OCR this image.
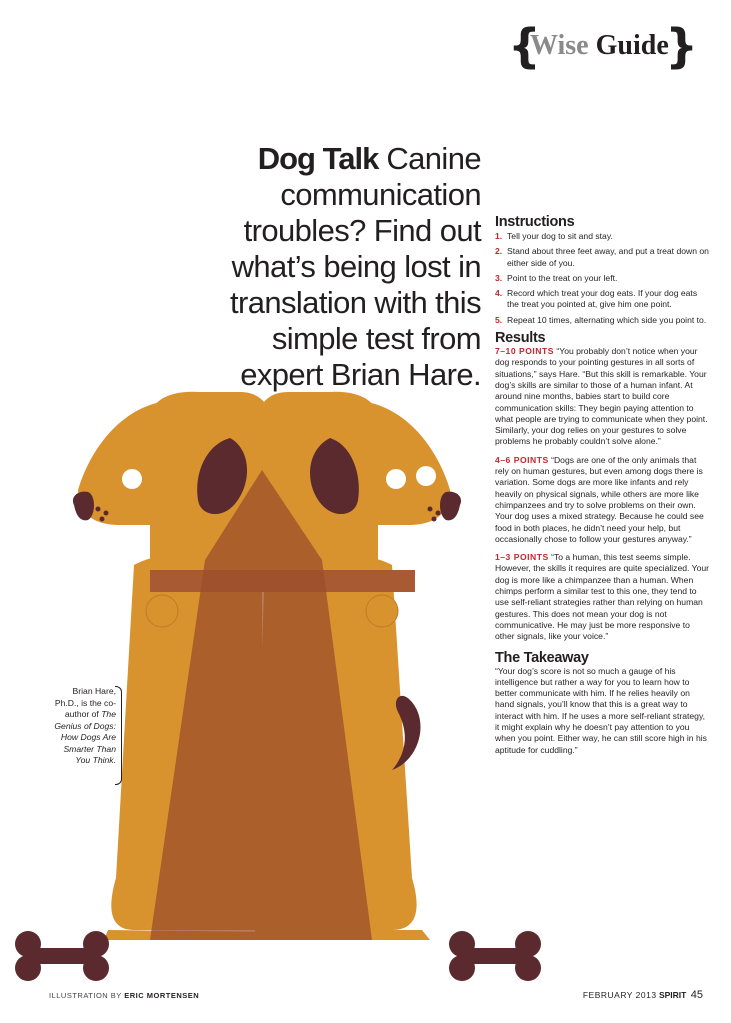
{
Wise Guide
}
Dog Talk Canine communication troubles? Find out what’s being lost in translation with this simple test from expert Brian Hare.
Instructions
1. Tell your dog to sit and stay.
2. Stand about three feet away, and put a treat down on either side of you.
3. Point to the treat on your left.
4. Record which treat your dog eats. If your dog eats the treat you pointed at, give him one point.
5. Repeat 10 times, alternating which side you point to.
Results

7–10 POINTS “You probably don’t notice when your dog responds to your pointing gestures in all sorts of situations,” says Hare. “But this skill is remarkable. Your dog’s skills are similar to those of a human infant. At around nine months, babies start to build core communication skills: They begin paying attention to what people are trying to communicate when they point. Similarly, your dog relies on your gestures to solve problems he probably couldn’t solve alone.”

4–6 POINTS “Dogs are one of the only animals that rely on human gestures, but even among dogs there is variation. Some dogs are more like infants and rely heavily on physical signals, while others are more like chimpanzees and try to solve problems on their own. Your dog uses a mixed strategy. Because he could see food in both places, he didn’t need your help, but occasionally chose to follow your gestures anyway.”

1–3 POINTS “To a human, this test seems simple. However, the skills it requires are quite specialized. Your dog is more like a chimpanzee than a human. When chimps perform a similar test to this one, they tend to use self-reliant strategies rather than relying on human gestures. This does not mean your dog is not communicative. He may just be more responsive to other signals, like your voice.”

The Takeaway

“Your dog’s score is not so much a gauge of his intelligence but rather a way for you to learn how to better communicate with him. If he relies heavily on hand signals, you’ll know that this is a great way to interact with him. If he uses a more self-reliant strategy, it might explain why he doesn’t pay attention to you when you point. Either way, he can still score high in his aptitude for cuddling.”

Brian Hare, Ph.D., is the co-author of The Genius of Dogs: How Dogs Are Smarter Than You Think.
ILLUSTRATION BY ERIC MORTENSEN	FEBRUARY 2013 SPIRIT 45
